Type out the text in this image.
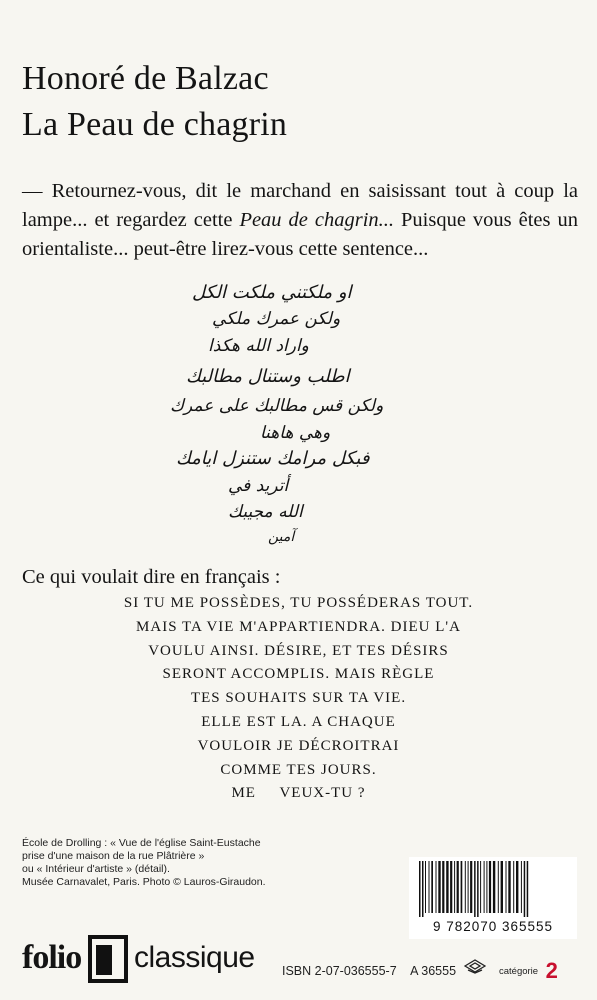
Honoré de Balzac
La Peau de chagrin
— Retournez-vous, dit le marchand en saisissant tout à coup la lampe... et regardez cette Peau de chagrin... Puisque vous êtes un orientaliste... peut-être lirez-vous cette sentence...
او ملكتني ملكت الكل
ولكن عمرك ملكي
واراد الله هكذا
اطلب وستنال مطالبك
ولكن قس مطالبك على عمرك
وهي هاهنا
فبكل مرامك ستنزل ايامك
أتريد في
الله مجيبك
آمين
Ce qui voulait dire en français :
SI TU ME POSSÈDES, TU POSSÉDERAS TOUT.
MAIS TA VIE M'APPARTIENDRA. DIEU L'A
VOULU AINSI. DÉSIRE, ET TES DÉSIRS
SERONT ACCOMPLIS. MAIS RÈGLE
TES SOUHAITS SUR TA VIE.
ELLE EST LA. A CHAQUE
VOULOIR JE DÉCROITRAI
COMME TES JOURS.
ME     VEUX-TU ?
École de Drolling : « Vue de l'église Saint-Eustache
prise d'une maison de la rue Plâtrière »
ou « Intérieur d'artiste » (détail).
Musée Carnavalet, Paris. Photo © Lauros-Giraudon.
9 782070 365555
folio classique ISBN 2-07-036555-7 A 36555	catégorie 2
